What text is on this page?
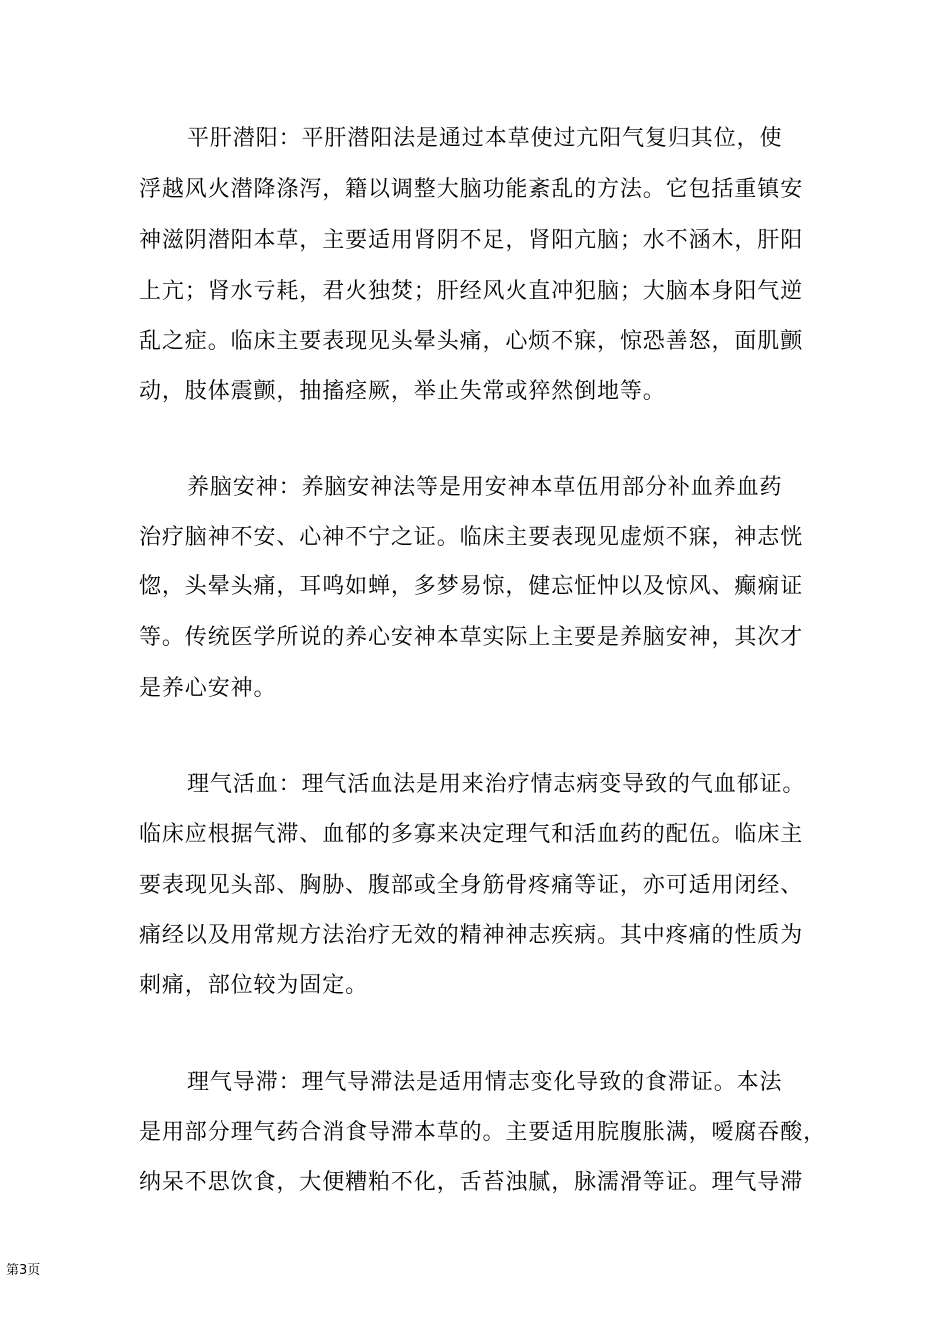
平肝潜阳：平肝潜阳法是通过本草使过亢阳气复归其位，使
浮越风火潜降涤泻，籍以调整大脑功能紊乱的方法。它包括重镇安
神滋阴潜阳本草，主要适用肾阴不足，肾阳亢脑；水不涵木，肝阳
上亢；肾水亏耗，君火独焚；肝经风火直冲犯脑；大脑本身阳气逆
乱之症。临床主要表现见头晕头痛，心烦不寐，惊恐善怒，面肌颤
动，肢体震颤，抽搐痉厥，举止失常或猝然倒地等。
养脑安神：养脑安神法等是用安神本草伍用部分补血养血药
治疗脑神不安、心神不宁之证。临床主要表现见虚烦不寐，神志恍
惚，头晕头痛，耳鸣如蝉，多梦易惊，健忘怔忡以及惊风、癫痫证
等。传统医学所说的养心安神本草实际上主要是养脑安神，其次才
是养心安神。
理气活血：理气活血法是用来治疗情志病变导致的气血郁证。
临床应根据气滞、血郁的多寡来决定理气和活血药的配伍。临床主
要表现见头部、胸胁、腹部或全身筋骨疼痛等证，亦可适用闭经、
痛经以及用常规方法治疗无效的精神神志疾病。其中疼痛的性质为
刺痛，部位较为固定。
理气导滞：理气导滞法是适用情志变化导致的食滞证。本法
是用部分理气药合消食导滞本草的。主要适用脘腹胀满，嗳腐吞酸，
纳呆不思饮食，大便糟粕不化，舌苔浊腻，脉濡滑等证。理气导滞
第3页
